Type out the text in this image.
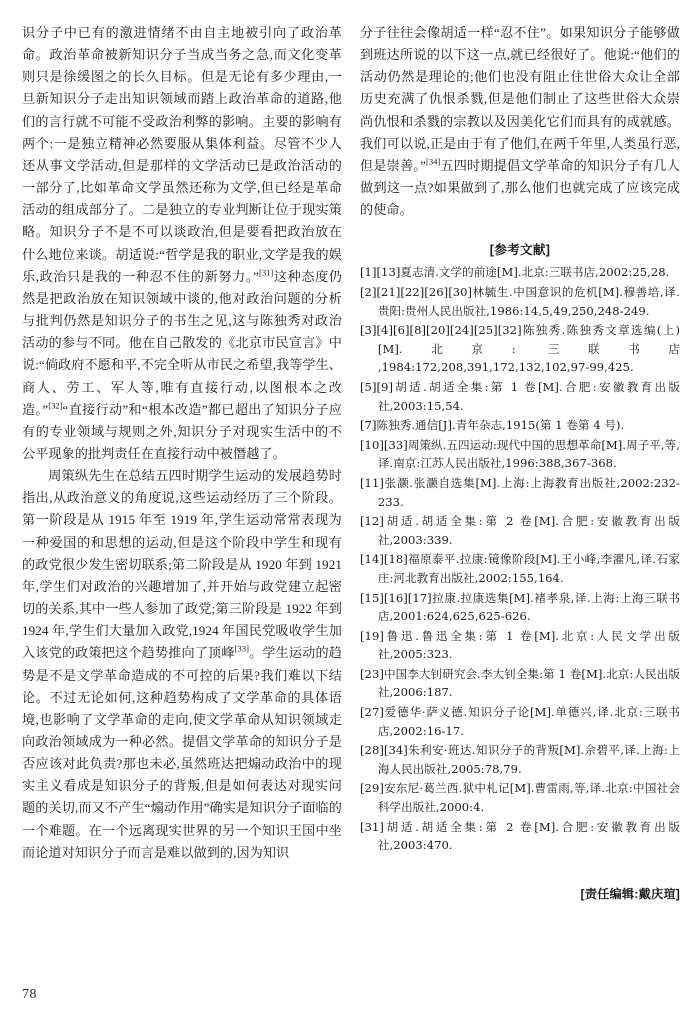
识分子中已有的激进情绪不由自主地被引向了政治革命。政治革命被新知识分子当成当务之急,而文化变革则只是徐缓图之的长久目标。但是无论有多少理由,一旦新知识分子走出知识领域而踏上政治革命的道路,他们的言行就不可能不受政治利弊的影响。主要的影响有两个:一是独立精神必然要服从集体利益。尽管不少人还从事文学活动,但是那样的文学活动已是政治活动的一部分了,比如革命文学虽然还称为文学,但已经是革命活动的组成部分了。二是独立的专业判断让位于现实策略。知识分子不是不可以谈政治,但是要看把政治放在什么地位来谈。胡适说:“哲学是我的职业,文学是我的娱乐,政治只是我的一种忍不住的新努力。”[31]这种态度仍然是把政治放在知识领域中谈的,他对政治问题的分析与批判仍然是知识分子的书生之见,这与陈独秀对政治活动的参与不同。他在自己散发的《北京市民宣言》中说:“倘政府不愿和平,不完全听从市民之希望,我等学生、商人、劳工、军人等,唯有直接行动,以图根本之改造。”[32]“直接行动”和“根本改造”都已超出了知识分子应有的专业领域与规则之外,知识分子对现实生活中的不公平现象的批判责任在直接行动中被僭越了。

周策纵先生在总结五四时期学生运动的发展趋势时指出,从政治意义的角度说,这些运动经历了三个阶段。第一阶段是从 1915 年至 1919 年,学生运动常常表现为一种爱国的和思想的运动,但是这个阶段中学生和现有的政党很少发生密切联系;第二阶段是从 1920 年到 1921 年,学生们对政治的兴趣增加了,并开始与政党建立起密切的关系,其中一些人参加了政党;第三阶段是 1922 年到 1924 年,学生们大量加入政党,1924 年国民党吸收学生加入该党的政策把这个趋势推向了顶峰[33]。学生运动的趋势是不是文学革命造成的不可控的后果?我们难以下结论。不过无论如何,这种趋势构成了文学革命的具体语境,也影响了文学革命的走向,使文学革命从知识领域走向政治领域成为一种必然。提倡文学革命的知识分子是否应该对此负责?那也未必,虽然班达把煽动政治中的现实主义看成是知识分子的背叛,但是如何表达对现实问题的关切,而又不产生“煽动作用”确实是知识分子面临的一个难题。在一个远离现实世界的另一个知识王国中坐而论道对知识分子而言是难以做到的,因为知识

分子往往会像胡适一样“忍不住”。如果知识分子能够做到班达所说的以下这一点,就已经很好了。他说:“他们的活动仍然是理论的;他们也没有阻止住世俗大众让全部历史充满了仇恨杀戮,但是他们制止了这些世俗大众崇尚仇恨和杀戮的宗教以及因美化它们而具有的成就感。我们可以说,正是由于有了他们,在两千年里,人类虽行恶,但是崇善。”[34]五四时期提倡文学革命的知识分子有几人做到这一点?如果做到了,那么他们也就完成了应该完成的使命。

[参考文献]
[1][13]夏志清.文学的前途[M].北京:三联书店,2002:25,28.
[2][21][22][26][30]林毓生.中国意识的危机[M].穆善培,译.贵阳:贵州人民出版社,1986:14,5,49,250,248-249.
[3][4][6][8][20][24][25][32]陈独秀.陈独秀文章选编(上)[M].北京: 三联书店 ,1984:172,208,391,172,132,102,97-99,425.
[5][9]胡适.胡适全集:第 1 卷[M].合肥:安徽教育出版社,2003:15,54.
[7]陈独秀.通信[J].青年杂志,1915(第 1 卷第 4 号).
[10][33]周策纵.五四运动:现代中国的思想革命[M].周子平,等,译.南京:江苏人民出版社,1996:388,367-368.
[11]张灏.张灏自选集[M].上海:上海教育出版社,2002:232-233.
[12]胡适.胡适全集:第 2 卷[M].合肥:安徽教育出版社,2003:339.
[14][18]福原泰平.拉康:镜像阶段[M].王小峰,李濯凡,译.石家庄:河北教育出版社,2002:155,164.
[15][16][17]拉康.拉康选集[M].褚孝泉,译.上海:上海三联书店,2001:624,625,625-626.
[19]鲁迅.鲁迅全集:第 1 卷[M].北京:人民文学出版社,2005:323.
[23]中国李大钊研究会.李大钊全集:第 1 卷[M].北京:人民出版社,2006:187.
[27]爱德华·萨义德.知识分子论[M].单德兴,译.北京:三联书店,2002:16-17.
[28][34]朱利安·班达.知识分子的背叛[M].佘碧平,译.上海:上海人民出版社,2005:78,79.
[29]安东尼·葛兰西.狱中札记[M].曹雷雨,等,译.北京:中国社会科学出版社,2000:4.
[31]胡适.胡适全集:第 2 卷[M].合肥:安徽教育出版社,2003:470.
[责任编辑:戴庆瑄]
78
